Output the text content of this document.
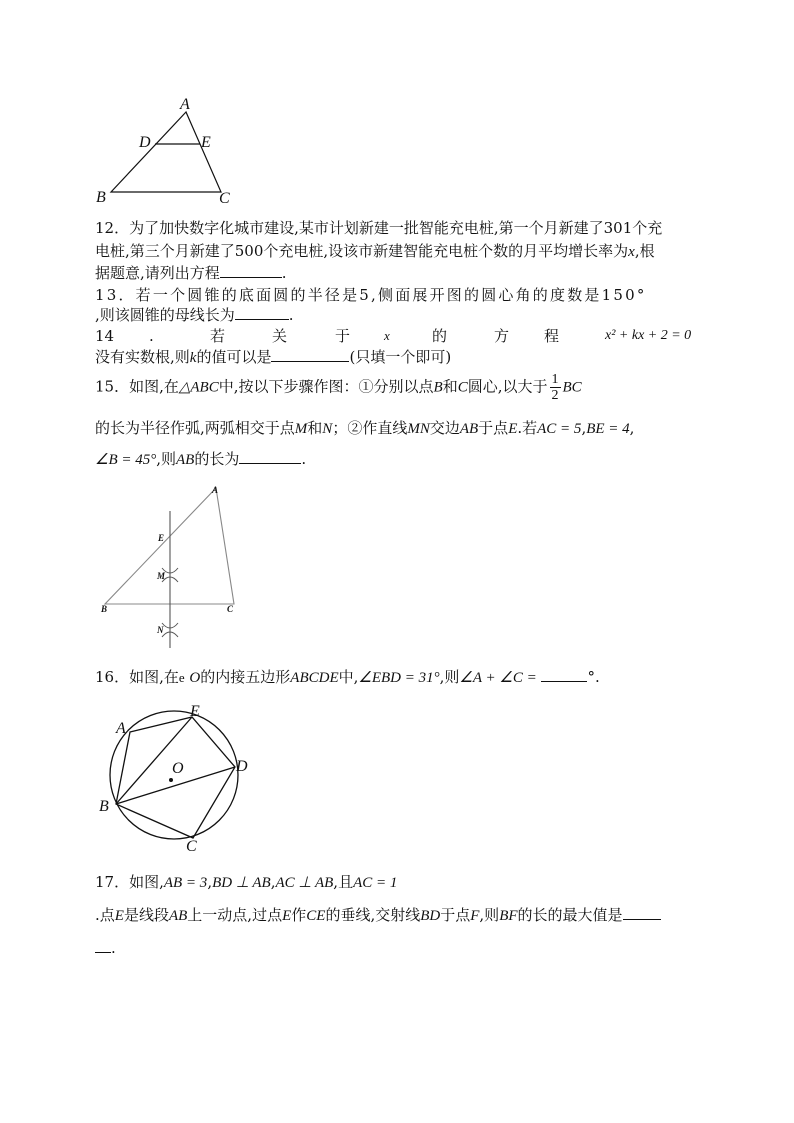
A
D	E
B	C
12．为了加快数字化城市建设,某市计划新建一批智能充电桩,第一个月新建了301个充
电桩,第三个月新建了500个充电桩,设该市新建智能充电桩个数的月平均增长率为x,根
据题意,请列出方程	.
13．若一个圆锥的底面圆的半径是5,侧面展开图的圆心角的度数是150°
,则该圆锥的母线长为	.
14 .	若	关	于	x	的	方 程	x² + kx + 2 = 0
没有实数根,则k的值可以是	(只填一个即可)
15．如图,在△ABC中,按以下步骤作图：①分别以点B和C圆心,以大于 $\frac{1}{2}$ BC
的长为半径作弧,两弧相交于点M和N；②作直线MN交边AB于点E.若AC = 5,BE = 4,
∠B = 45°,则AB的长为	.
A
E
M
B	C
N
16．如图,在e O的内接五边形ABCDE中,∠EBD = 31°,则∠A + ∠C =	°.
A
E
O	D
B
C
17．如图,AB = 3,BD ⊥ AB,AC ⊥ AB,且AC = 1
.点E是线段AB上一动点,过点E作CE的垂线,交射线BD于点F,则BF的长的最大值是
.
